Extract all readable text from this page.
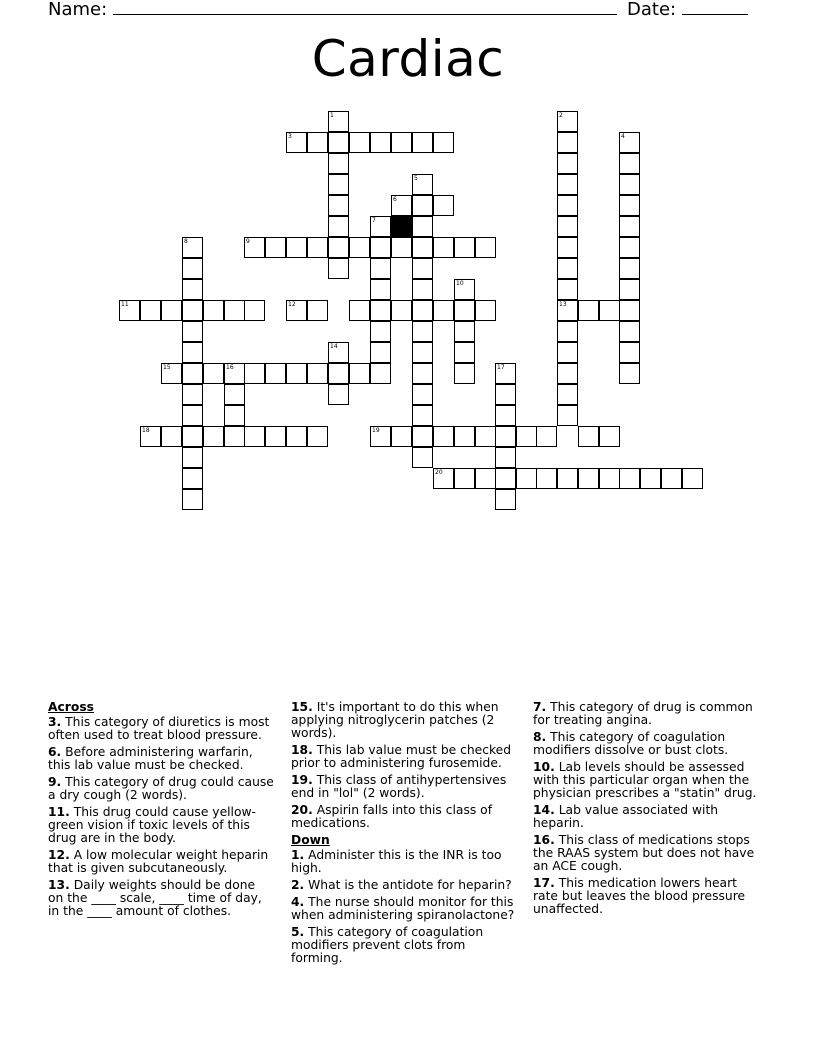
Name:	Date:
Cardiac
1	2
3	4
5
6
7
8	9
10
11	12	13
14
15	16	17
18	19
20
Across
3. This category of diuretics is most often used to treat blood pressure.
6. Before administering warfarin, this lab value must be checked.
9. This category of drug could cause a dry cough (2 words).
11. This drug could cause yellow-green vision if toxic levels of this drug are in the body.
12. A low molecular weight heparin that is given subcutaneously.
13. Daily weights should be done on the ____ scale, ____ time of day, in the ____ amount of clothes.
15. It's important to do this when applying nitroglycerin patches (2 words).
18. This lab value must be checked prior to administering furosemide.
19. This class of antihypertensives end in "lol" (2 words).
20. Aspirin falls into this class of medications.
Down
1. Administer this is the INR is too high.
2. What is the antidote for heparin?
4. The nurse should monitor for this when administering spiranolactone?
5. This category of coagulation modifiers prevent clots from forming.
7. This category of drug is common for treating angina.
8. This category of coagulation modifiers dissolve or bust clots.
10. Lab levels should be assessed with this particular organ when the physician prescribes a "statin" drug.
14. Lab value associated with heparin.
16. This class of medications stops the RAAS system but does not have an ACE cough.
17. This medication lowers heart rate but leaves the blood pressure unaffected.
